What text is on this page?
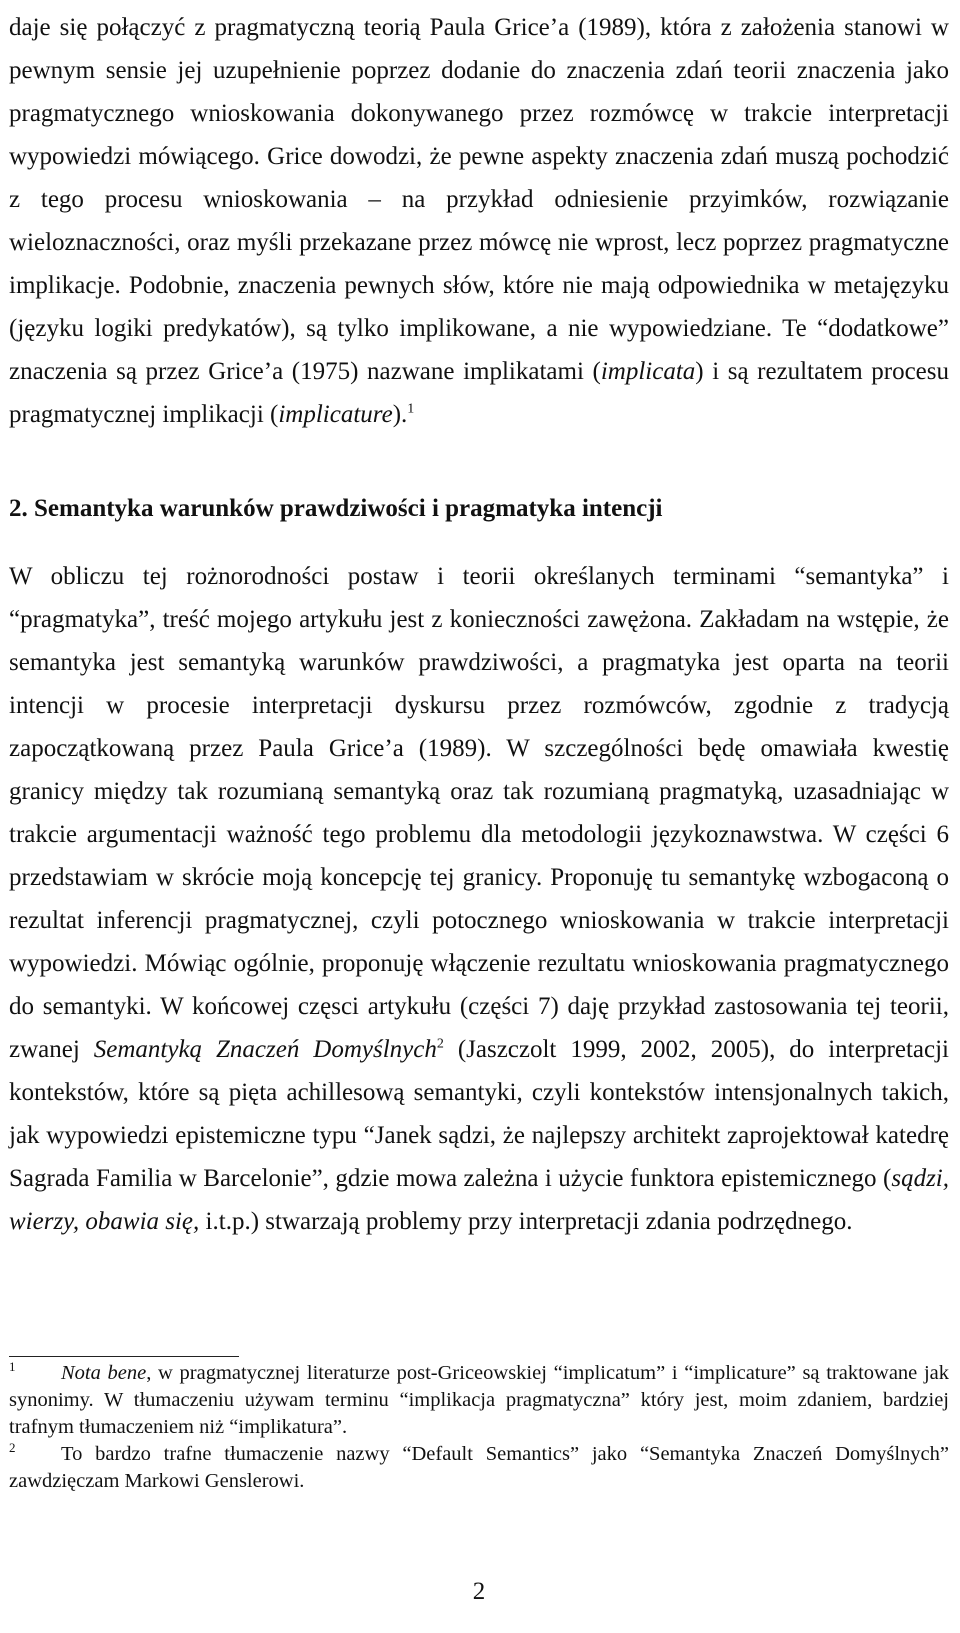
daje się połączyć z pragmatyczną teorią Paula Grice’a (1989), która z założenia stanowi w pewnym sensie jej uzupełnienie poprzez dodanie do znaczenia zdań teorii znaczenia jako pragmatycznego wnioskowania dokonywanego przez rozmówcę w trakcie interpretacji wypowiedzi mówiącego. Grice dowodzi, że pewne aspekty znaczenia zdań muszą pochodzić z tego procesu wnioskowania – na przykład odniesienie przyimków, rozwiązanie wieloznaczności, oraz myśli przekazane przez mówcę nie wprost, lecz poprzez pragmatyczne implikacje. Podobnie, znaczenia pewnych słów, które nie mają odpowiednika w metajęzyku (języku logiki predykatów), są tylko implikowane, a nie wypowiedziane. Te “dodatkowe” znaczenia są przez Grice’a (1975) nazwane implikatami (implicata) i są rezultatem procesu pragmatycznej implikacji (implicature).$^1$

2. Semantyka warunków prawdziwości i pragmatyka intencji

W obliczu tej rożnorodności postaw i teorii określanych terminami “semantyka” i “pragmatyka”, treść mojego artykułu jest z konieczności zawężona. Zakładam na wstępie, że semantyka jest semantyką warunków prawdziwości, a pragmatyka jest oparta na teorii intencji w procesie interpretacji dyskursu przez rozmówców, zgodnie z tradycją zapoczątkowaną przez Paula Grice’a (1989). W szczególności będę omawiała kwestię granicy między tak rozumianą semantyką oraz tak rozumianą pragmatyką, uzasadniając w trakcie argumentacji ważność tego problemu dla metodologii językoznawstwa. W części 6 przedstawiam w skrócie moją koncepcję tej granicy. Proponuję tu semantykę wzbogaconą o rezultat inferencji pragmatycznej, czyli potocznego wnioskowania w trakcie interpretacji wypowiedzi. Mówiąc ogólnie, proponuję włączenie rezultatu wnioskowania pragmatycznego do semantyki. W końcowej częsci artykułu (części 7) daję przykład zastosowania tej teorii, zwanej Semantyką Znaczeń Domyślnych$^2$ (Jaszczolt 1999, 2002, 2005), do interpretacji kontekstów, które są pięta achillesową semantyki, czyli kontekstów intensjonalnych takich, jak wypowiedzi epistemiczne typu “Janek sądzi, że najlepszy architekt zaprojektował katedrę Sagrada Familia w Barcelonie”, gdzie mowa zależna i użycie funktora epistemicznego (sądzi, wierzy, obawia się, i.t.p.) stwarzają problemy przy interpretacji zdania podrzędnego.

1 Nota bene, w pragmatycznej literaturze post-Griceowskiej “implicatum” i “implicature” są traktowane jak synonimy. W tłumaczeniu używam terminu “implikacja pragmatyczna” który jest, moim zdaniem, bardziej trafnym tłumaczeniem niż “implikatura”.

2 To bardzo trafne tłumaczenie nazwy “Default Semantics” jako “Semantyka Znaczeń Domyślnych” zawdzięczam Markowi Genslerowi.

2
